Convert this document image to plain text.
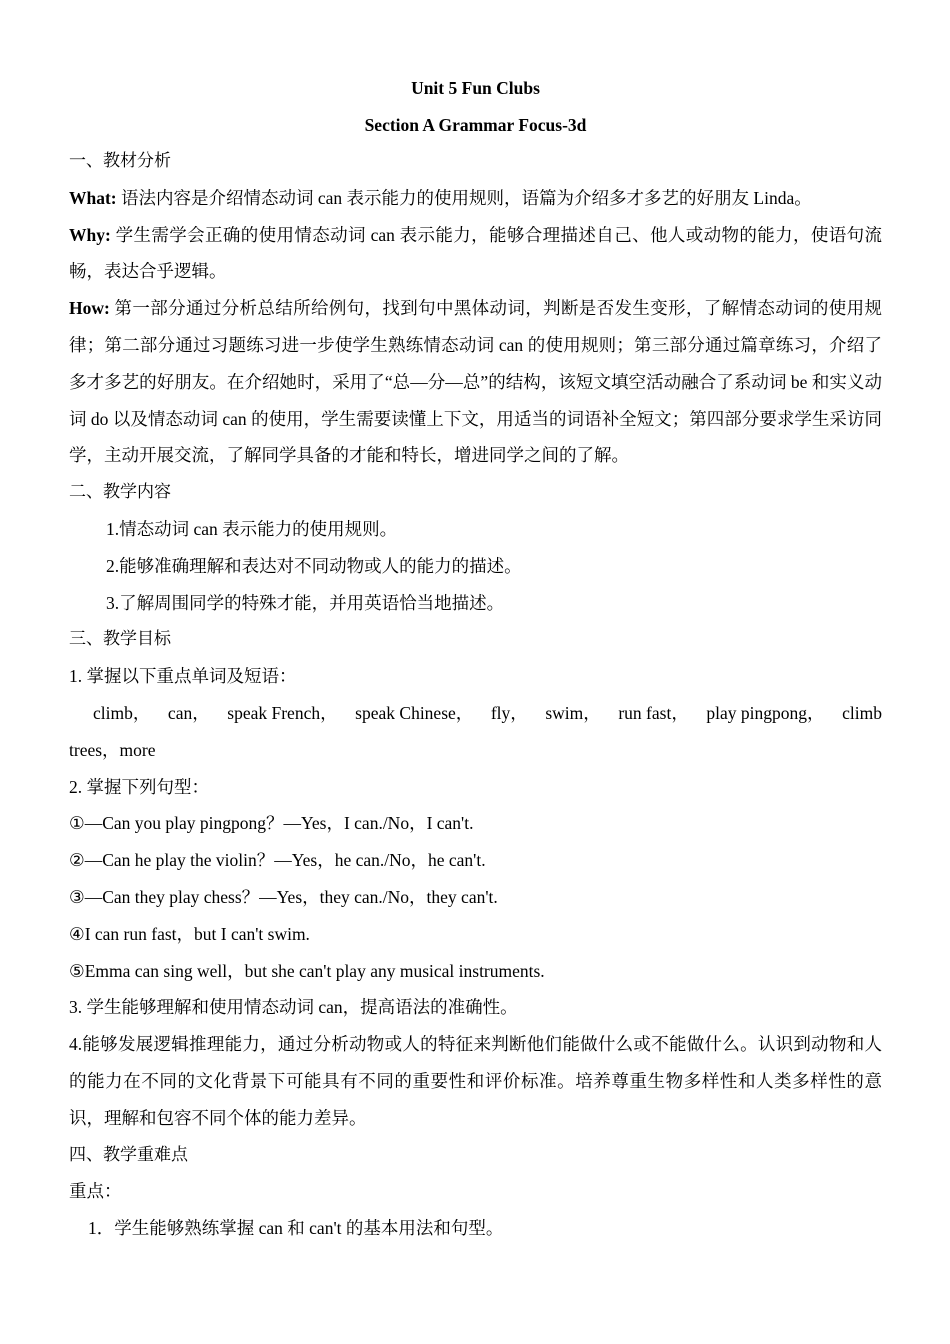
Unit 5 Fun Clubs
Section A Grammar Focus-3d
一、教材分析
What: 语法内容是介绍情态动词 can 表示能力的使用规则，语篇为介绍多才多艺的好朋友 Linda。
Why: 学生需学会正确的使用情态动词 can 表示能力，能够合理描述自己、他人或动物的能力，使语句流畅，表达合乎逻辑。
How: 第一部分通过分析总结所给例句，找到句中黑体动词，判断是否发生变形，了解情态动词的使用规律；第二部分通过习题练习进一步使学生熟练情态动词 can 的使用规则；第三部分通过篇章练习，介绍了多才多艺的好朋友。在介绍她时，采用了“总—分—总”的结构，该短文填空活动融合了系动词 be 和实义动词 do 以及情态动词 can 的使用，学生需要读懂上下文，用适当的词语补全短文；第四部分要求学生采访同学，主动开展交流，了解同学具备的才能和特长，增进同学之间的了解。
二、教学内容
1.情态动词 can 表示能力的使用规则。
2.能够准确理解和表达对不同动物或人的能力的描述。
3.了解周围同学的特殊才能，并用英语恰当地描述。
三、教学目标
1. 掌握以下重点单词及短语：
climb， can， speak French， speak Chinese， fly， swim， run fast， play pingpong， climb
trees，more
2. 掌握下列句型：
①—Can you play pingpong？—Yes，I can./No，I can't.
②—Can he play the violin？—Yes，he can./No，he can't.
③—Can they play chess？—Yes，they can./No，they can't.
④I can run fast，but I can't swim.
⑤Emma can sing well，but she can't play any musical instruments.
3. 学生能够理解和使用情态动词 can，提高语法的准确性。
4.能够发展逻辑推理能力，通过分析动物或人的特征来判断他们能做什么或不能做什么。认识到动物和人的能力在不同的文化背景下可能具有不同的重要性和评价标准。培养尊重生物多样性和人类多样性的意识，理解和包容不同个体的能力差异。
四、教学重难点
重点：
1．学生能够熟练掌握 can 和 can't 的基本用法和句型。
